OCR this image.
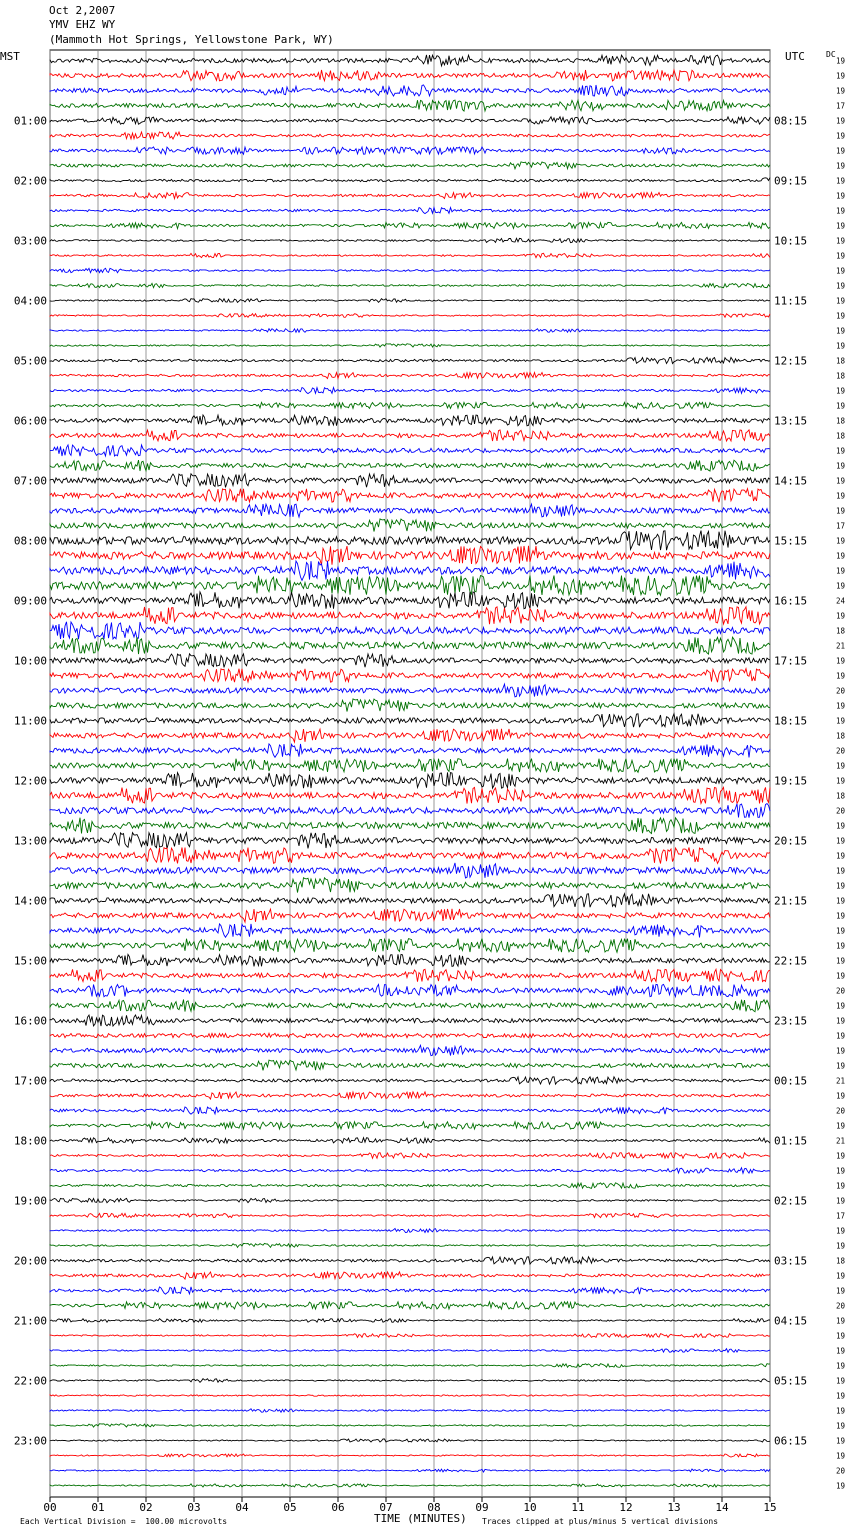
Oct 2,2007
YMV EHZ WY
(Mammoth Hot Springs, Yellowstone Park, WY)
MST	UTC	DC
00	01	02	03	04	05	06	07	08	09	10	11	12	13	14	15
19
19
19
17
19
01:00	08:15
19
19
19
19
02:00	09:15
19
19
19
19
03:00	10:15
19
19
19
19
04:00	11:15
19
19
19
18
05:00	12:15
18
19
19
18
06:00	13:15
18
19
19
19
07:00	14:15
19
19
17
19
08:00	15:15
19
19
19
24
09:00	16:15
19
18
21
19
10:00	17:15
19
20
19
19
11:00	18:15
18
20
19
19
12:00	19:15
18
20
19
19
13:00	20:15
19
19
19
19
14:00	21:15
19
19
19
19
15:00	22:15
19
20
19
19
16:00	23:15
19
19
19
21
17:00	00:15
19
20
19
21
18:00	01:15
19
19
19
19
19:00	02:15
17
19
19
18
20:00	03:15
19
19
20
19
21:00	04:15
19
19
19
19
22:00	05:15
19
19
19
19
23:00	06:15
19
20
19
TIME (MINUTES)
Each Vertical Division =  100.00 microvolts	Traces clipped at plus/minus 5 vertical divisions
